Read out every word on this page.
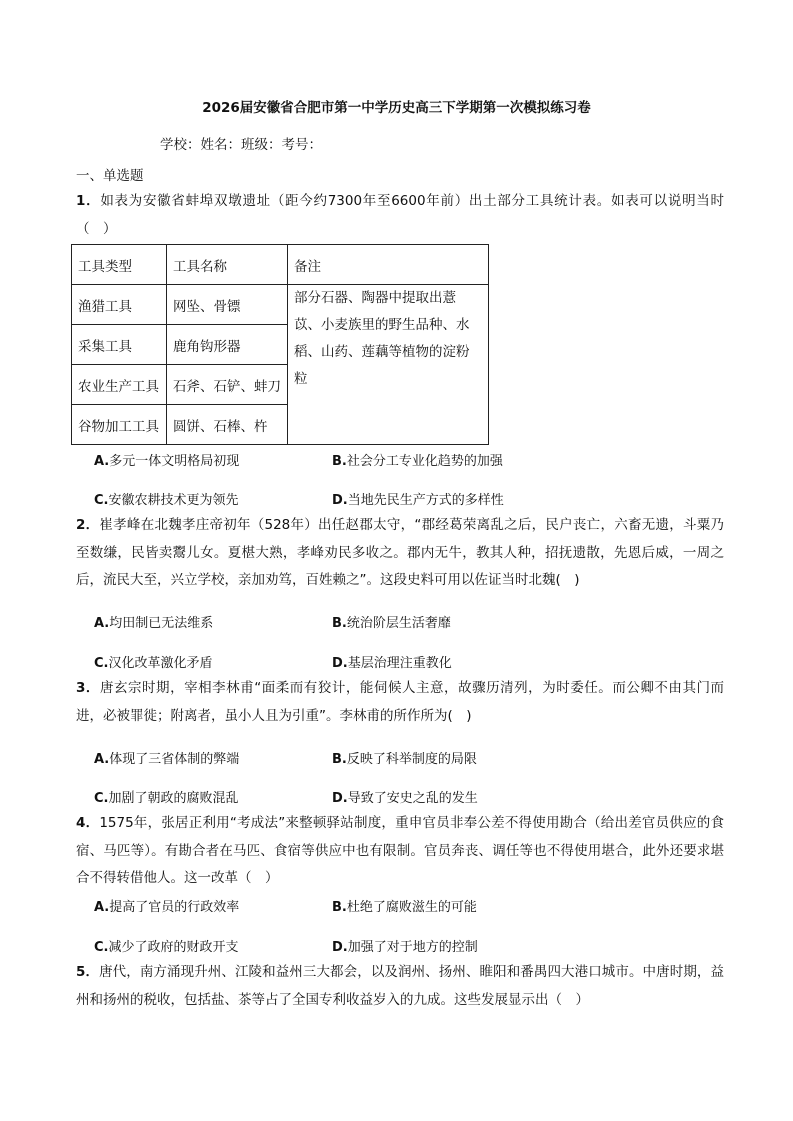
2026届安徽省合肥市第一中学历史高三下学期第一次模拟练习卷
学校：姓名：班级：考号：
一、单选题

1．如表为安徽省蚌埠双墩遗址（距今约7300年至6600年前）出土部分工具统计表。如表可以说明当时（　）

工具类型	工具名称	备注
渔猎工具	网坠、骨镖	部分石器、陶器中提取出薏苡、小麦族里的野生品种、水稻、山药、莲藕等植物的淀粉粒
采集工具	鹿角钩形器	
农业生产工具	石斧、石铲、蚌刀	
谷物加工工具	圆饼、石棒、杵	
A.多元一体文明格局初现	B.社会分工专业化趋势的加强
C.安徽农耕技术更为领先	D.当地先民生产方式的多样性

2．崔孝峰在北魏孝庄帝初年（528年）出任赵郡太守，“郡经葛荣离乱之后，民户丧亡，六畜无遗，斗粟乃至数缣，民皆卖鬻儿女。夏椹大熟，孝峰劝民多收之。郡内无牛，教其人种，招抚遗散，先恩后威，一周之后，流民大至，兴立学校，亲加劝笃，百姓赖之”。这段史料可用以佐证当时北魏(　)

A.均田制已无法维系	B.统治阶层生活奢靡
C.汉化改革激化矛盾	D.基层治理注重教化

3．唐玄宗时期，宰相李林甫“面柔而有狡计，能伺候人主意，故骤历清列，为时委任。而公卿不由其门而进，必被罪徙；附离者，虽小人且为引重”。李林甫的所作所为(　)

A.体现了三省体制的弊端	B.反映了科举制度的局限
C.加剧了朝政的腐败混乱	D.导致了安史之乱的发生

4．1575年，张居正利用“考成法”来整顿驿站制度，重申官员非奉公差不得使用勘合（给出差官员供应的食宿、马匹等）。有勘合者在马匹、食宿等供应中也有限制。官员奔丧、调任等也不得使用堪合，此外还要求堪合不得转借他人。这一改革（　）

A.提高了官员的行政效率	B.杜绝了腐败滋生的可能
C.减少了政府的财政开支	D.加强了对于地方的控制

5．唐代，南方涌现升州、江陵和益州三大都会，以及润州、扬州、睢阳和番禺四大港口城市。中唐时期，益州和扬州的税收，包括盐、茶等占了全国专利收益岁入的九成。这些发展显示出（　）
